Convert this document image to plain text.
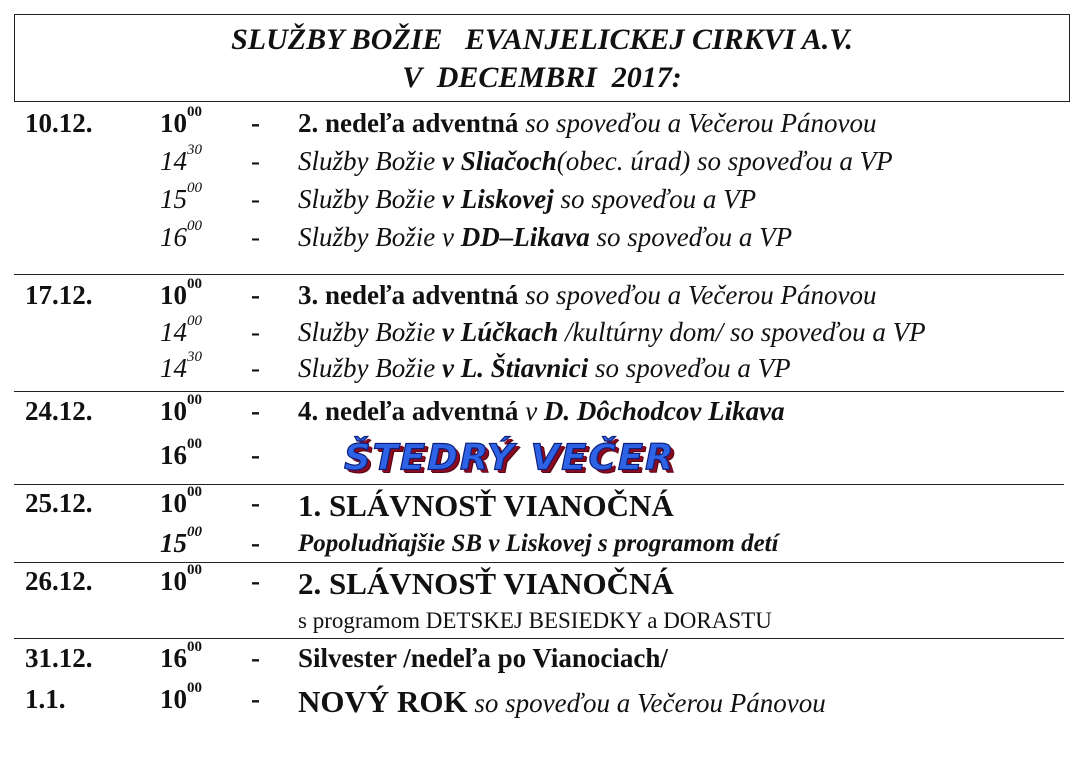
SLUŽBY BOŽIE   EVANJELICKEJ CIRKVI A.V.
V  DECEMBRI  2017:
10.12.	$10^{00} - 2$. nedeľa adventná so spoveďou a Večerou Pánovou
$14^{30}$ - Služby Božie v Sliačoch(obec. úrad) so spoveďou a VP
$15^{00}$ - Služby Božie v Liskovej so spoveďou a VP
$16^{00}$ - Služby Božie v DD–Likava so spoveďou a VP
17.12.	$10^{00} - 3$. nedeľa adventná so spoveďou a Večerou Pánovou
$14^{00}$ - Služby Božie v Lúčkach /kultúrny dom/ so spoveďou a VP
$14^{30}$ - Služby Božie v L. Štiavnici so spoveďou a VP
24.12.	$10^{00} - 4$. nedeľa adventná v D. Dôchodcov Likava
$16^{00}$ - ŠTEDRÝ VEČER
25.12.	$10^{00} - 1$. SLÁVNOSŤ VIANOČNÁ
$15^{00}$ - Popoludňajšie SB v Liskovej s programom detí
26.12.	$10^{00} - 2$. SLÁVNOSŤ VIANOČNÁ
s programom DETSKEJ BESIEDKY a DORASTU
31.12.	$16^{00}$ - Silvester /nedeľa po Vianociach/
1.1.	$10^{00}$ - NOVÝ ROK so spoveďou a Večerou Pánovou
